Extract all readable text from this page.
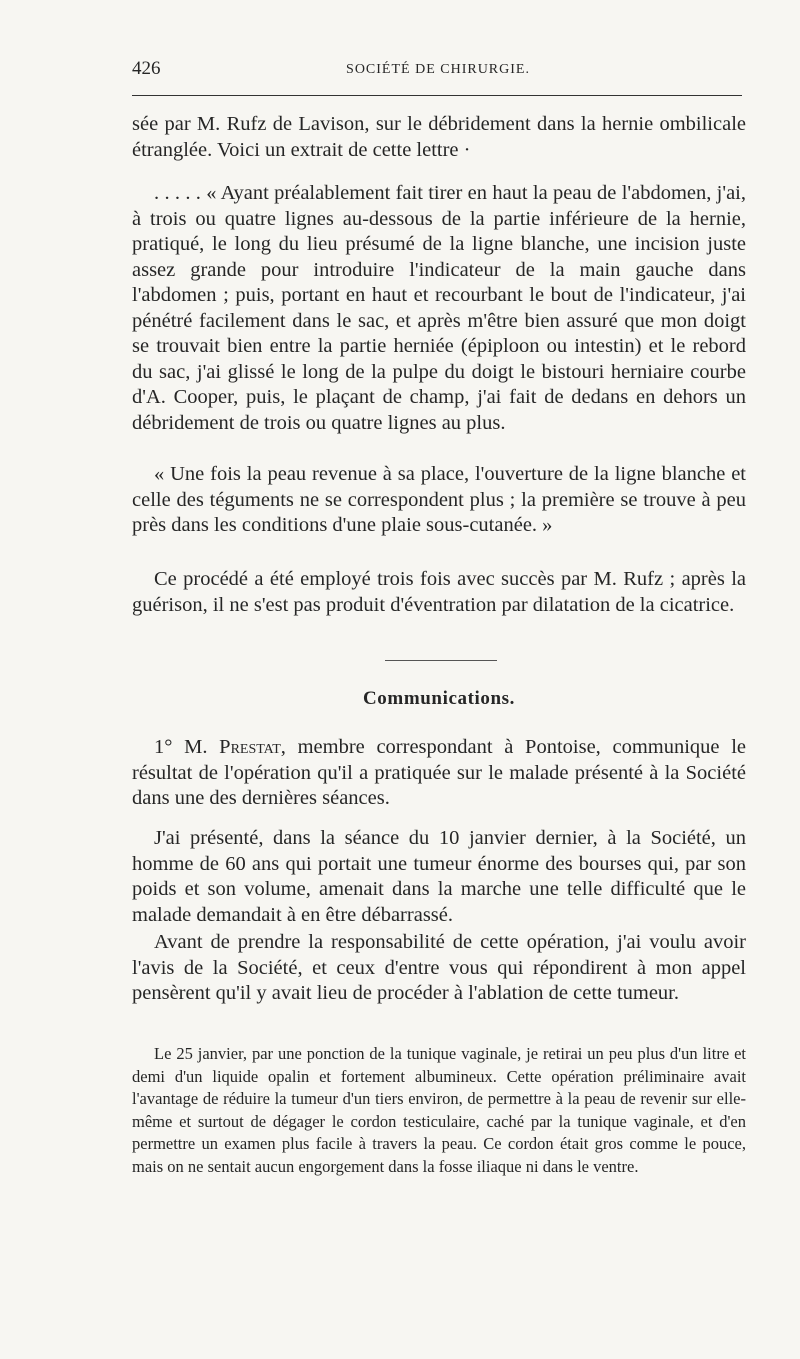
426	SOCIÉTÉ DE CHIRURGIE.

sée par M. Rufz de Lavison, sur le débridement dans la hernie ombilicale étranglée. Voici un extrait de cette lettre ·

. . . . . « Ayant préalablement fait tirer en haut la peau de l'abdomen, j'ai, à trois ou quatre lignes au-dessous de la partie inférieure de la hernie, pratiqué, le long du lieu présumé de la ligne blanche, une incision juste assez grande pour introduire l'indicateur de la main gauche dans l'abdomen ; puis, portant en haut et recourbant le bout de l'indicateur, j'ai pénétré facilement dans le sac, et après m'être bien assuré que mon doigt se trouvait bien entre la partie herniée (épiploon ou intestin) et le rebord du sac, j'ai glissé le long de la pulpe du doigt le bistouri herniaire courbe d'A. Cooper, puis, le plaçant de champ, j'ai fait de dedans en dehors un débridement de trois ou quatre lignes au plus.

« Une fois la peau revenue à sa place, l'ouverture de la ligne blanche et celle des téguments ne se correspondent plus ; la première se trouve à peu près dans les conditions d'une plaie sous-cutanée. »

Ce procédé a été employé trois fois avec succès par M. Rufz ; après la guérison, il ne s'est pas produit d'éventration par dilatation de la cicatrice.

Communications.

1° M. Prestat, membre correspondant à Pontoise, communique le résultat de l'opération qu'il a pratiquée sur le malade présenté à la Société dans une des dernières séances.

J'ai présenté, dans la séance du 10 janvier dernier, à la Société, un homme de 60 ans qui portait une tumeur énorme des bourses qui, par son poids et son volume, amenait dans la marche une telle difficulté que le malade demandait à en être débarrassé.

Avant de prendre la responsabilité de cette opération, j'ai voulu avoir l'avis de la Société, et ceux d'entre vous qui répondirent à mon appel pensèrent qu'il y avait lieu de procéder à l'ablation de cette tumeur.

Le 25 janvier, par une ponction de la tunique vaginale, je retirai un peu plus d'un litre et demi d'un liquide opalin et fortement albumineux. Cette opération préliminaire avait l'avantage de réduire la tumeur d'un tiers environ, de permettre à la peau de revenir sur elle-même et surtout de dégager le cordon testiculaire, caché par la tunique vaginale, et d'en permettre un examen plus facile à travers la peau. Ce cordon était gros comme le pouce, mais on ne sentait aucun engorgement dans la fosse iliaque ni dans le ventre.
